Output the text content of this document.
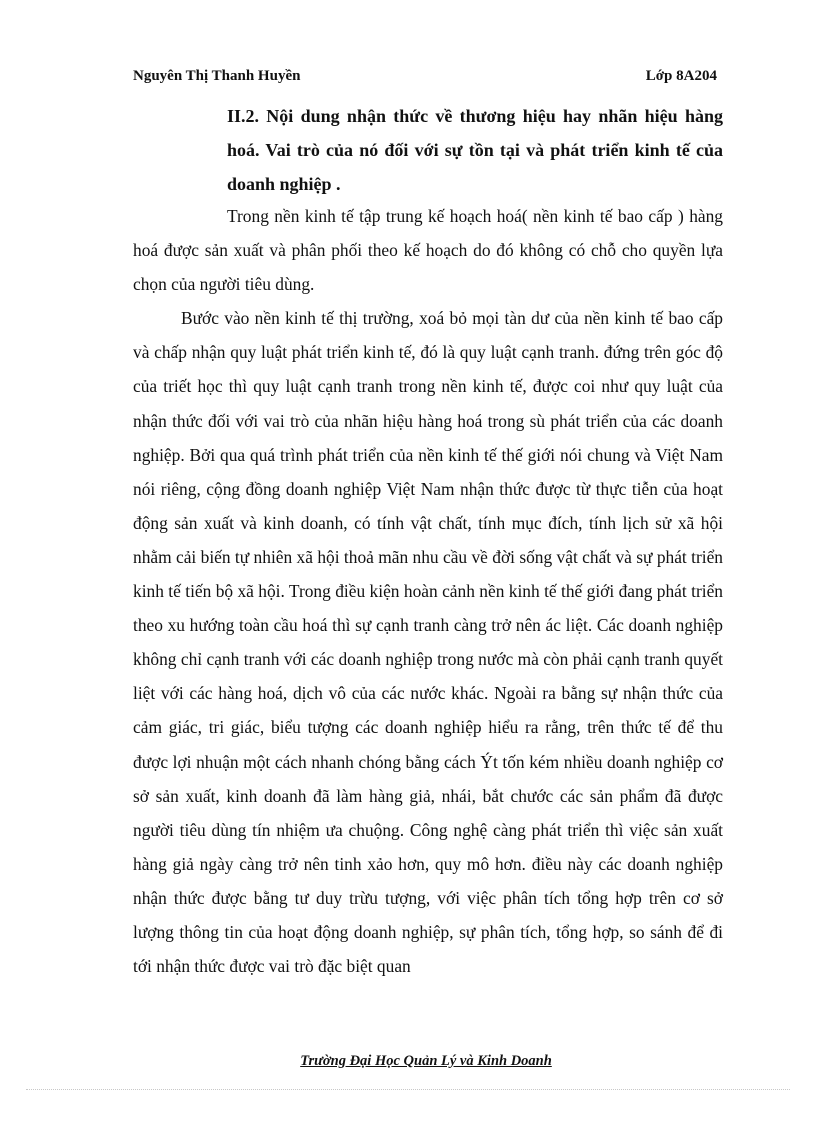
Nguyên Thị Thanh Huyền	Lớp 8A204
II.2. Nội dung nhận thức về thương hiệu hay nhãn hiệu hàng hoá. Vai trò của nó đối với sự tồn tại và phát triển kinh tế của doanh nghiệp .

Trong nền kinh tế tập trung kế hoạch hoá( nền kinh tế bao cấp ) hàng hoá được sản xuất và phân phối theo kế hoạch do đó không có chỗ cho quyền lựa chọn của người tiêu dùng.

Bước vào nền kinh tế thị trường, xoá bỏ mọi tàn dư của nền kinh tế bao cấp và chấp nhận quy luật phát triển kinh tế, đó là quy luật cạnh tranh. đứng trên góc độ của triết học thì quy luật cạnh tranh trong nền kinh tế, được coi như quy luật của nhận thức đối với vai trò của nhãn hiệu hàng hoá trong sù phát triển của các doanh nghiệp. Bởi qua quá trình phát triển của nền kinh tế thế giới nói chung và Việt Nam nói riêng, cộng đồng doanh nghiệp Việt Nam nhận thức được từ thực tiễn của hoạt động sản xuất và kinh doanh, có tính vật chất, tính mục đích, tính lịch sử xã hội nhằm cải biến tự nhiên xã hội thoả mãn nhu cầu về đời sống vật chất và sự phát triển kinh tế tiến bộ xã hội. Trong điều kiện hoàn cảnh nền kinh tế thế giới đang phát triển theo xu hướng toàn cầu hoá thì sự cạnh tranh càng trở nên ác liệt. Các doanh nghiệp không chỉ cạnh tranh với các doanh nghiệp trong nước mà còn phải cạnh tranh quyết liệt với các hàng hoá, dịch vô của các nước khác. Ngoài ra bằng sự nhận thức của cảm giác, tri giác, biểu tượng các doanh nghiệp hiểu ra rằng, trên thức tế để thu được lợi nhuận một cách nhanh chóng bằng cách Ýt tốn kém nhiều doanh nghiệp cơ sở sản xuất, kinh doanh đã làm hàng giả, nhái, bắt chước các sản phẩm đã được người tiêu dùng tín nhiệm ưa chuộng. Công nghệ càng phát triển thì việc sản xuất hàng giả ngày càng trở nên tinh xảo hơn, quy mô hơn. điều này các doanh nghiệp nhận thức được bằng tư duy trừu tượng, với việc phân tích tổng hợp trên cơ sở lượng thông tin của hoạt động doanh nghiệp, sự phân tích, tổng hợp, so sánh để đi tới nhận thức được vai trò đặc biệt quan

Trường Đại Học Quản Lý và Kinh Doanh
